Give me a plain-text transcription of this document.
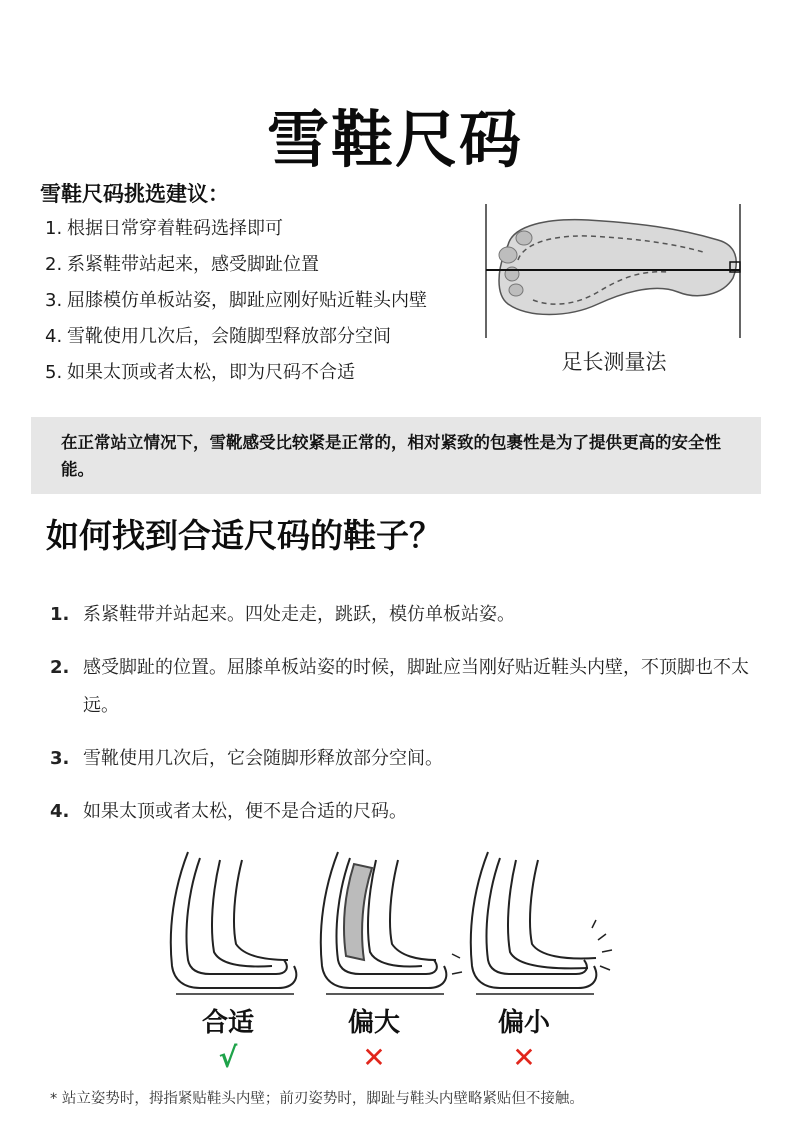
雪鞋尺码
雪鞋尺码挑选建议：
1. 根据日常穿着鞋码选择即可
2. 系紧鞋带站起来，感受脚趾位置
3. 屈膝模仿单板站姿，脚趾应刚好贴近鞋头内壁
4. 雪靴使用几次后，会随脚型释放部分空间
5. 如果太顶或者太松，即为尺码不合适	足长测量法

在正常站立情况下，雪靴感受比较紧是正常的，相对紧致的包裹性是为了提供更高的安全性能。

如何找到合适尺码的鞋子？
1. 系紧鞋带并站起来。四处走走，跳跃，模仿单板站姿。
2. 感受脚趾的位置。屈膝单板站姿的时候，脚趾应当刚好贴近鞋头内壁，不顶脚也不太远。
3. 雪靴使用几次后，它会随脚形释放部分空间。
4. 如果太顶或者太松，便不是合适的尺码。
合适
√
偏大
✕
偏小
✕
* 站立姿势时，拇指紧贴鞋头内壁；前刃姿势时，脚趾与鞋头内壁略紧贴但不接触。
